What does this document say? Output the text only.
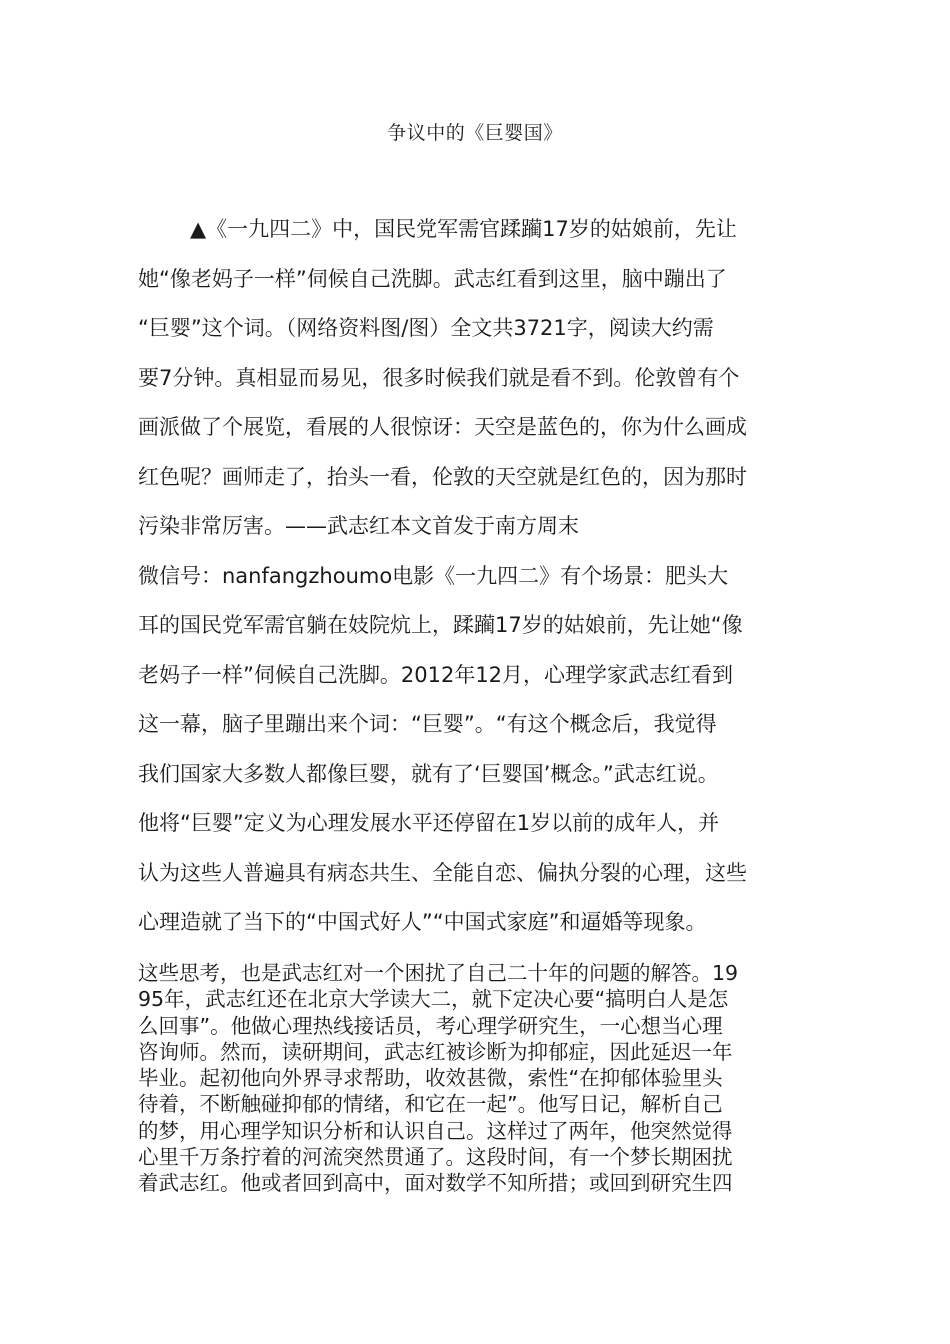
争议中的《巨婴国》
▲《一九四二》中，国民党军需官蹂躏17岁的姑娘前，先让
她“像老妈子一样”伺候自己洗脚。武志红看到这里，脑中蹦出了
“巨婴”这个词。（网络资料图/图）全文共3721字，阅读大约需
要7分钟。真相显而易见，很多时候我们就是看不到。伦敦曾有个
画派做了个展览，看展的人很惊讶：天空是蓝色的，你为什么画成
红色呢？画师走了，抬头一看，伦敦的天空就是红色的，因为那时
污染非常厉害。——武志红本文首发于南方周末
微信号：nanfangzhoumo电影《一九四二》有个场景：肥头大
耳的国民党军需官躺在妓院炕上，蹂躏17岁的姑娘前，先让她“像
老妈子一样”伺候自己洗脚。2012年12月，心理学家武志红看到
这一幕，脑子里蹦出来个词：“巨婴”。“有这个概念后，我觉得
我们国家大多数人都像巨婴，就有了‘巨婴国’概念。”武志红说。
他将“巨婴”定义为心理发展水平还停留在1岁以前的成年人，并
认为这些人普遍具有病态共生、全能自恋、偏执分裂的心理，这些
心理造就了当下的“中国式好人”“中国式家庭”和逼婚等现象。
这些思考，也是武志红对一个困扰了自己二十年的问题的解答。19
95年，武志红还在北京大学读大二，就下定决心要“搞明白人是怎
么回事”。他做心理热线接话员，考心理学研究生，一心想当心理
咨询师。然而，读研期间，武志红被诊断为抑郁症，因此延迟一年
毕业。起初他向外界寻求帮助，收效甚微，索性“在抑郁体验里头
待着，不断触碰抑郁的情绪，和它在一起”。他写日记，解析自己
的梦，用心理学知识分析和认识自己。这样过了两年，他突然觉得
心里千万条拧着的河流突然贯通了。这段时间，有一个梦长期困扰
着武志红。他或者回到高中，面对数学不知所措；或回到研究生四
